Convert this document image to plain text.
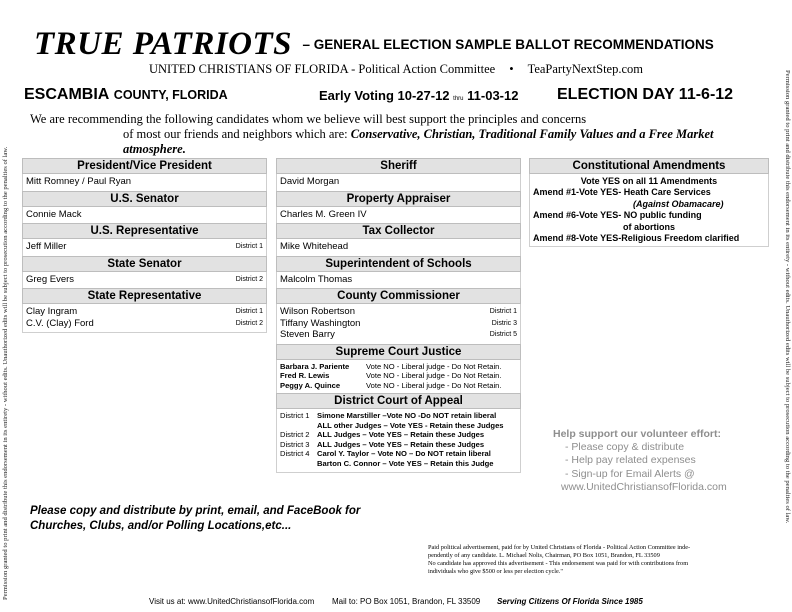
Permission granted to print and distribute this endorsement in its entirety - without edits. Unauthorized edits will be subject to prosecution according to the penalties of law.	Permission granted to print and distribute this endorsement in its entirety - without edits. Unauthorized edits will be subject to prosecution according to the penalties of law.
TRUE PATRIOTS – GENERAL ELECTION SAMPLE BALLOT RECOMMENDATIONS
UNITED CHRISTIANS OF FLORIDA - Political Action Committee • TeaPartyNextStep.com
ESCAMBIA COUNTY, FLORIDA	Early Voting 10-27-12 thru 11-03-12 ELECTION DAY 11-6-12
We are recommending the following candidates whom we believe will best support the principles and concerns
of most our friends and neighbors which are: Conservative, Christian, Traditional Family Values and a Free Market atmosphere.
President/Vice President
Mitt Romney / Paul Ryan
U.S. Senator
Connie Mack
U.S. Representative
Jeff Miller	District 1
State Senator
Greg Evers	District 2
State Representative
Clay Ingram	District 1
C.V. (Clay) Ford	District 2
Sheriff
David Morgan
Property Appraiser
Charles M. Green IV
Tax Collector
Mike Whitehead
Superintendent of Schools
Malcolm Thomas
County Commissioner
Wilson Robertson	District 1
Tiffany Washington	Distric 3
Steven Barry	District 5
Supreme Court Justice
Barbara J. Pariente	Vote NO - Liberal judge - Do Not Retain.
Fred R. Lewis	Vote NO - Liberal judge - Do Not Retain.
Peggy A. Quince	Vote NO - Liberal judge - Do Not Retain.
District Court of Appeal
District 1 Simone Marstiller –Vote NO -Do NOT retain liberal
ALL other Judges – Vote YES - Retain these Judges
District 2 ALL Judges – Vote YES – Retain these Judges
District 3 ALL Judges – Vote YES – Retain these Judges
District 4 Carol Y. Taylor – Vote NO – Do NOT retain liberal
Barton C. Connor – Vote YES – Retain this Judge
Constitutional Amendments
Vote YES on all 11 Amendments
Amend #1-Vote YES- Heath Care Services
(Against Obamacare)
Amend #6-Vote YES- NO public funding
of abortions
Amend #8-Vote YES-Religious Freedom clarified
Help support our volunteer effort:
- Please copy & distribute
- Help pay related expenses
- Sign-up for Email Alerts @
www.UnitedChristiansofFlorida.com
Please copy and distribute by print, email, and FaceBook for
Churches, Clubs, and/or Polling Locations,etc...
Paid political advertisement, paid for by United Christians of Florida - Political Action Committee inde-
pendently of any candidate. L. Michael Nolis, Chairman, PO Box 1051, Brandon, FL 33509
No candidate has approved this advertisement - This endorsement was paid for with contributions from
individuals who give $500 or less per election cycle."
Visit us at: www.UnitedChristiansofFlorida.com Mail to: PO Box 1051, Brandon, FL 33509 Serving Citizens Of Florida Since 1985
